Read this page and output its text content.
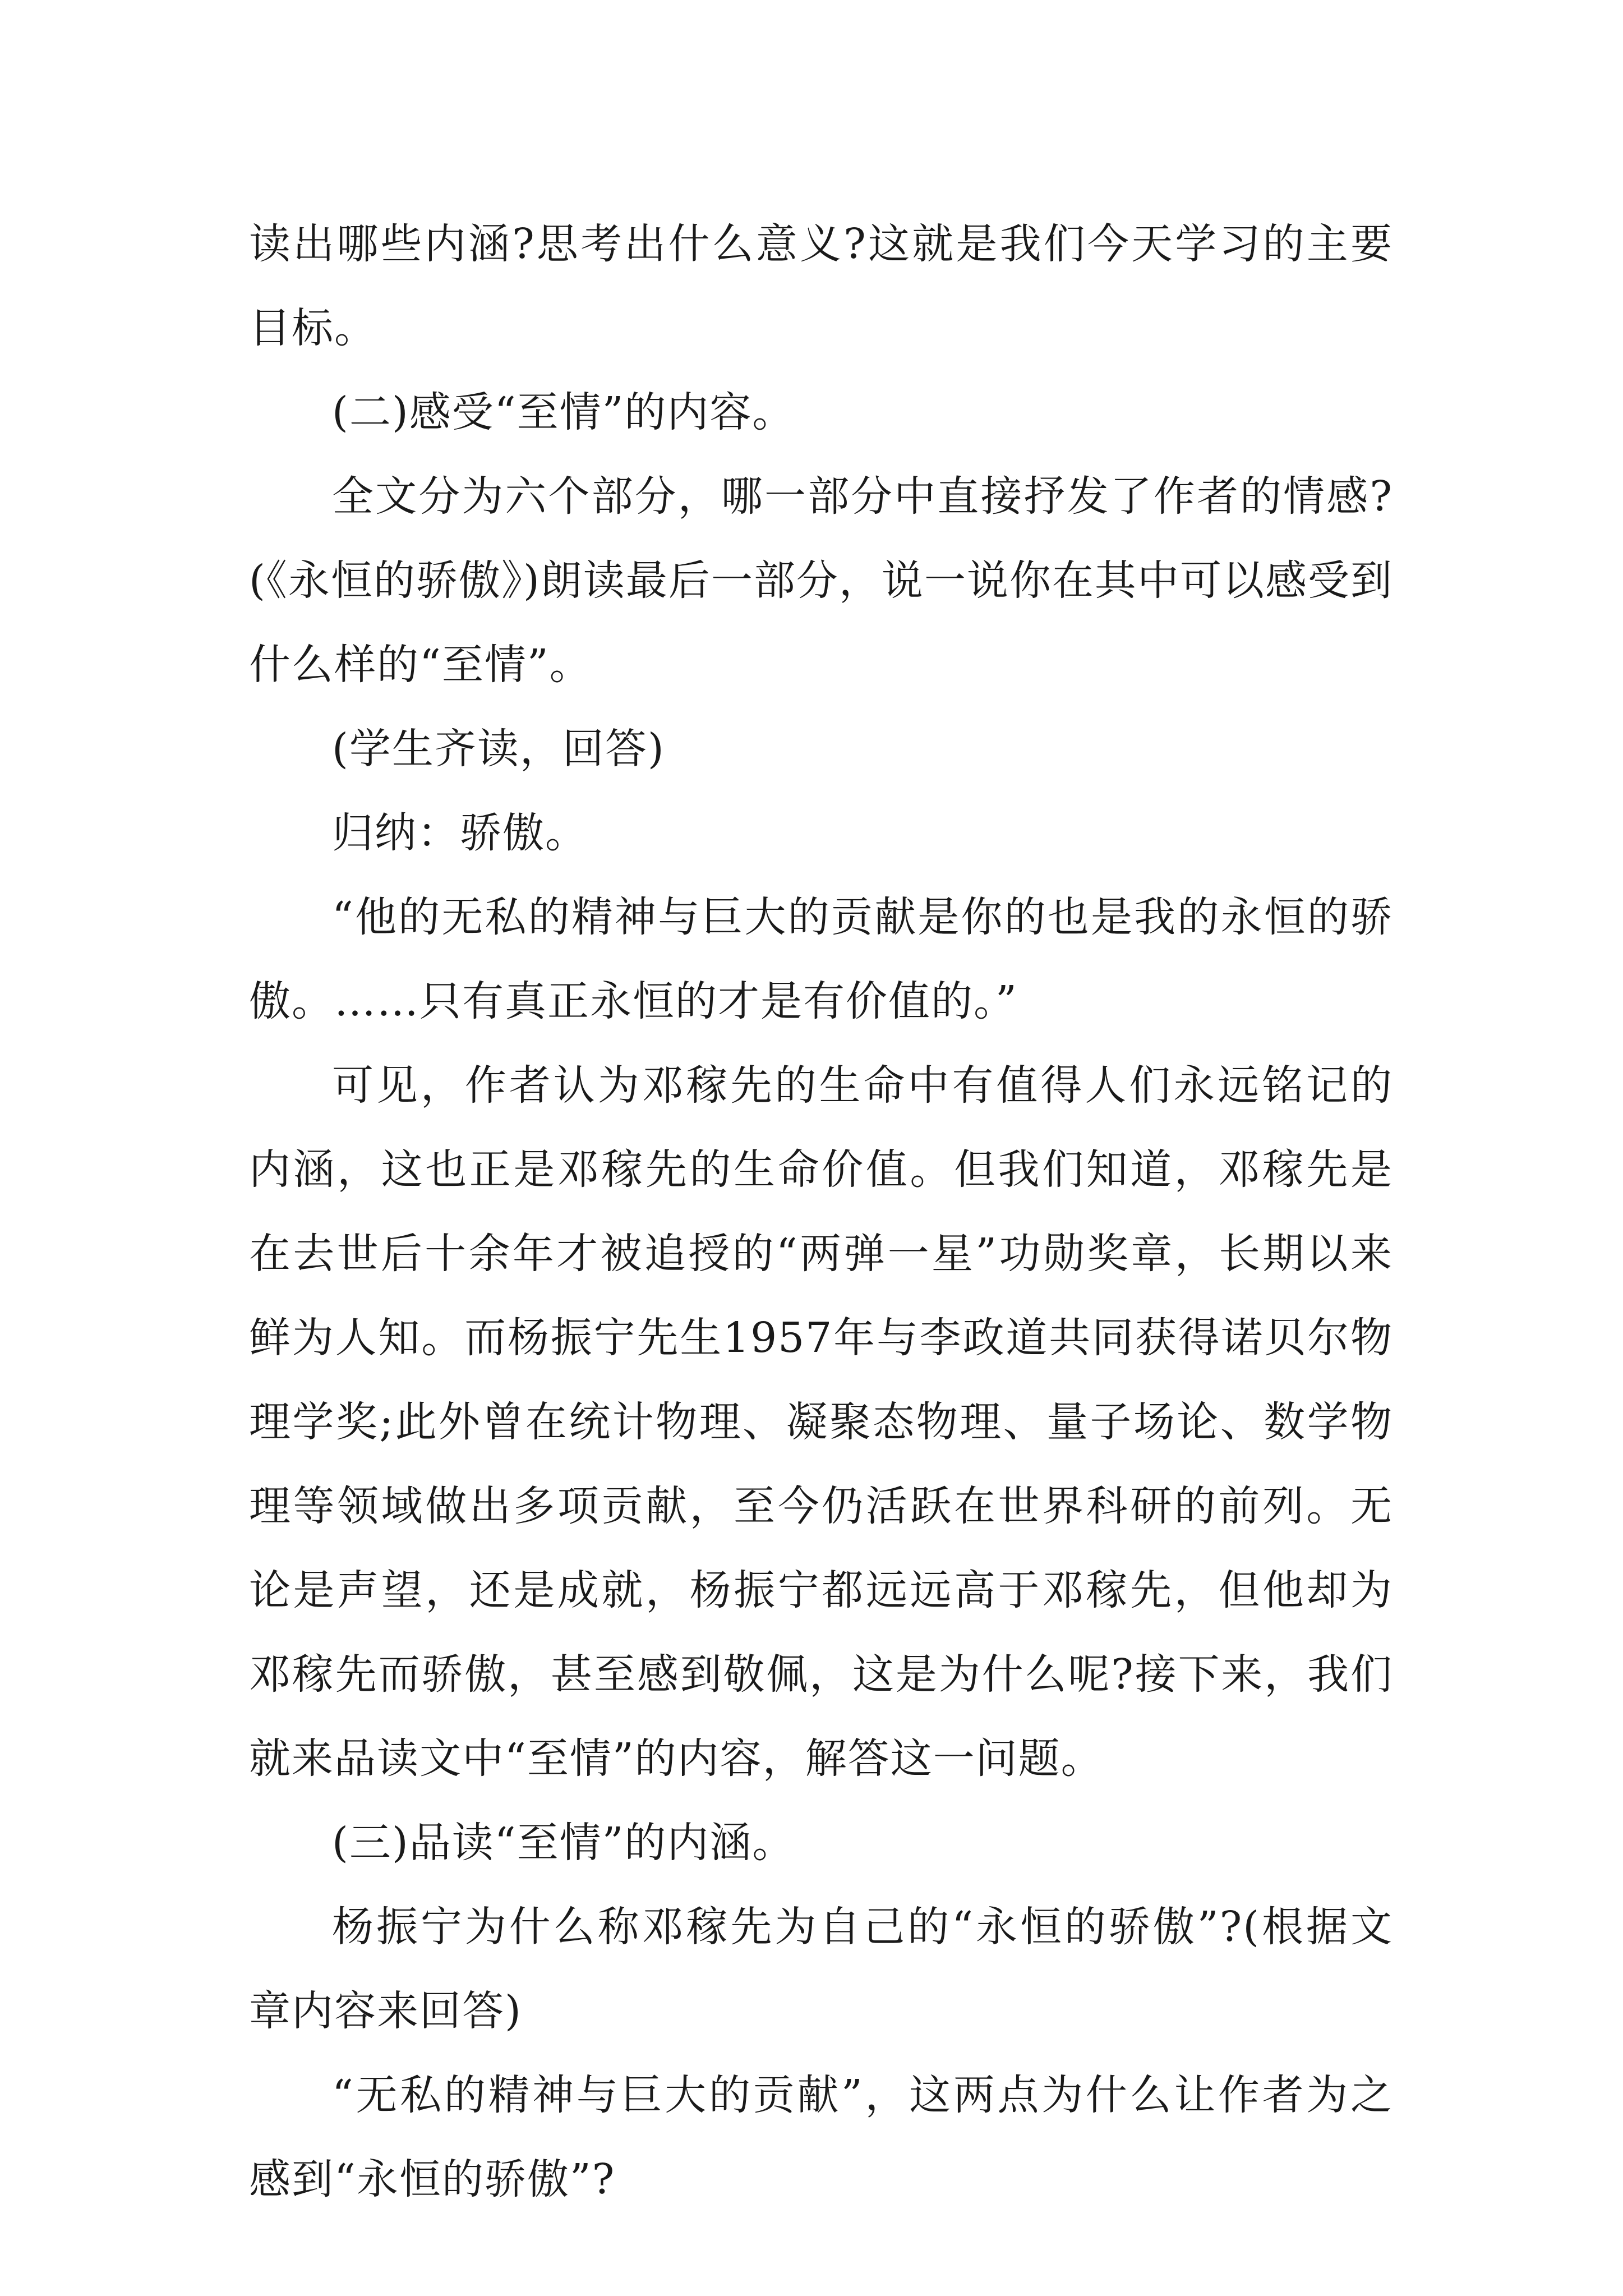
读出哪些内涵?思考出什么意义?这就是我们今天学习的主要目标。

(二)感受“至情”的内容。

全文分为六个部分，哪一部分中直接抒发了作者的情感?(《永恒的骄傲》)朗读最后一部分，说一说你在其中可以感受到什么样的“至情”。

(学生齐读，回答)

归纳：骄傲。

“他的无私的精神与巨大的贡献是你的也是我的永恒的骄傲。……只有真正永恒的才是有价值的。”

可见，作者认为邓稼先的生命中有值得人们永远铭记的内涵，这也正是邓稼先的生命价值。但我们知道，邓稼先是在去世后十余年才被追授的“两弹一星”功勋奖章，长期以来鲜为人知。而杨振宁先生1957年与李政道共同获得诺贝尔物理学奖;此外曾在统计物理、凝聚态物理、量子场论、数学物理等领域做出多项贡献，至今仍活跃在世界科研的前列。无论是声望，还是成就，杨振宁都远远高于邓稼先，但他却为邓稼先而骄傲，甚至感到敬佩，这是为什么呢?接下来，我们就来品读文中“至情”的内容，解答这一问题。

(三)品读“至情”的内涵。

杨振宁为什么称邓稼先为自己的“永恒的骄傲”?(根据文章内容来回答)

“无私的精神与巨大的贡献”，这两点为什么让作者为之感到“永恒的骄傲”?
